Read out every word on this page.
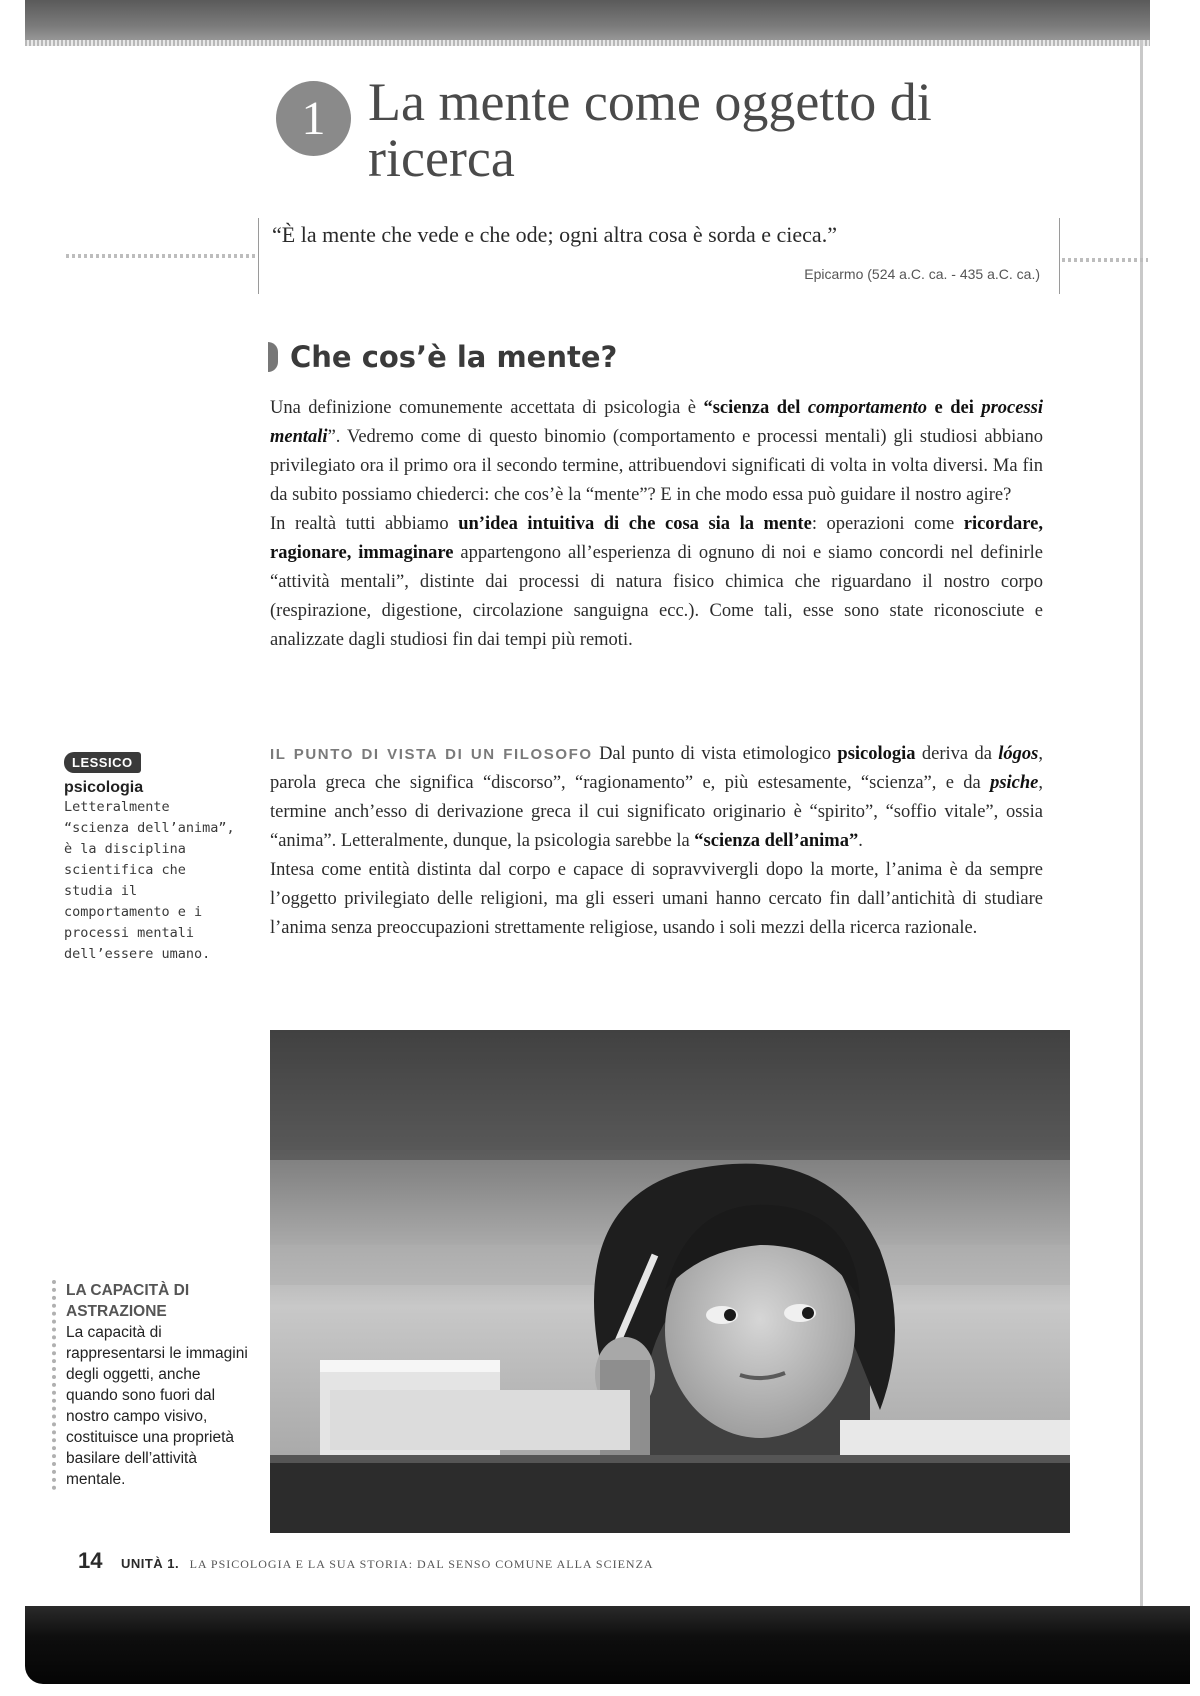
1 La mente come oggetto di ricerca
“È la mente che vede e che ode; ogni altra cosa è sorda e cieca.”
Epicarmo (524 a.C. ca. - 435 a.C. ca.)
Che cos’è la mente?

Una definizione comunemente accettata di psicologia è “scienza del comportamento e dei processi mentali”. Vedremo come di questo binomio (comportamento e processi mentali) gli studiosi abbiano privilegiato ora il primo ora il secondo termine, attribuendovi significati di volta in volta diversi. Ma fin da subito possiamo chiederci: che cos’è la “mente”? E in che modo essa può guidare il nostro agire?

In realtà tutti abbiamo un’idea intuitiva di che cosa sia la mente: operazioni come ricordare, ragionare, immaginare appartengono all’esperienza di ognuno di noi e siamo concordi nel definirle “attività mentali”, distinte dai processi di natura fisico chimica che riguardano il nostro corpo (respirazione, digestione, circolazione sanguigna ecc.). Come tali, esse sono state riconosciute e analizzate dagli studiosi fin dai tempi più remoti.

IL PUNTO DI VISTA DI UN FILOSOFO Dal punto di vista etimologico psicologia deriva da lógos, parola greca che significa “discorso”, “ragionamento” e, più estesamente, “scienza”, e da psiche, termine anch’esso di derivazione greca il cui significato originario è “spirito”, “soffio vitale”, ossia “anima”. Letteralmente, dunque, la psicologia sarebbe la “scienza dell’anima”.

Intesa come entità distinta dal corpo e capace di sopravvivergli dopo la morte, l’anima è da sempre l’oggetto privilegiato delle religioni, ma gli esseri umani hanno cercato fin dall’antichità di studiare l’anima senza preoccupazioni strettamente religiose, usando i soli mezzi della ricerca razionale.

LESSICO
psicologia
Letteralmente “scienza dell’anima”, è la disciplina scientifica che studia il comportamento e i processi mentali dell’essere umano.
LA CAPACITÀ DI ASTRAZIONE
La capacità di rappresentarsi le immagini degli oggetti, anche quando sono fuori dal nostro campo visivo, costituisce una proprietà basilare dell’attività mentale.
14 UNITÀ 1. LA PSICOLOGIA E LA SUA STORIA: DAL SENSO COMUNE ALLA SCIENZA
